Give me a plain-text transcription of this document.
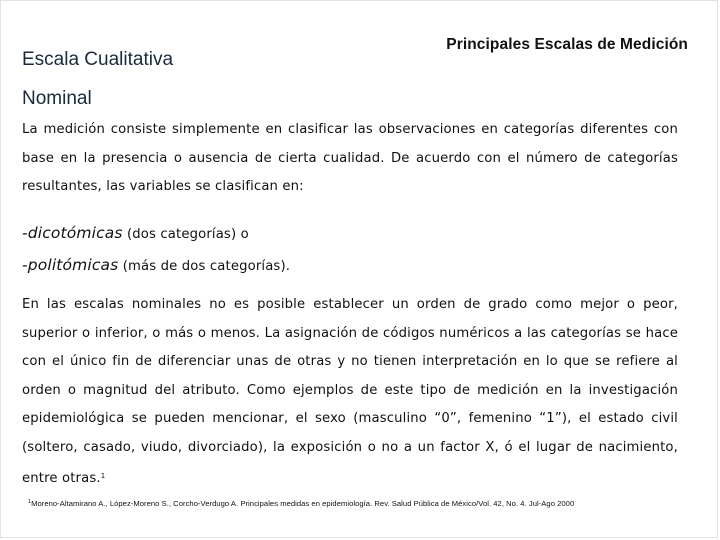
Principales Escalas de Medición
Escala Cualitativa
Nominal
La medición consiste simplemente en clasificar las observaciones en categorías diferentes con base en la presencia o ausencia de cierta cualidad. De acuerdo con el número de categorías resultantes, las variables se clasifican en:
-dicotómicas (dos categorías) o
-politómicas (más de dos categorías).
En las escalas nominales no es posible establecer un orden de grado como mejor o peor, superior o inferior, o más o menos. La asignación de códigos numéricos a las categorías se hace con el único fin de diferenciar unas de otras y no tienen interpretación en lo que se refiere al orden o magnitud del atributo. Como ejemplos de este tipo de medición en la investigación epidemiológica se pueden mencionar, el sexo (masculino “0”, femenino “1”), el estado civil (soltero, casado, viudo, divorciado), la exposición o no a un factor X, ó el lugar de nacimiento, entre otras.$^1$
$^1$Moreno-Altamirano A., López-Moreno S., Corcho-Verdugo A. Principales medidas en epidemiología. Rev. Salud Pública de México/Vol. 42, No. 4. Jul-Ago 2000
